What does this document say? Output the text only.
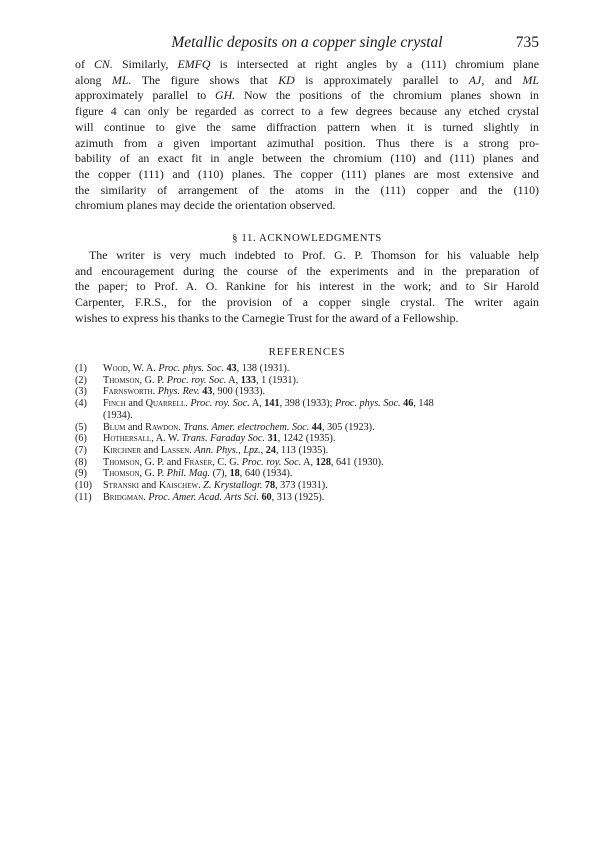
Metallic deposits on a copper single crystal	735
of CN. Similarly, EMFQ is intersected at right angles by a (111) chromium plane
along ML. The figure shows that KD is approximately parallel to AJ, and ML
approximately parallel to GH. Now the positions of the chromium planes shown in
figure 4 can only be regarded as correct to a few degrees because any etched crystal
will continue to give the same diffraction pattern when it is turned slightly in
azimuth from a given important azimuthal position. Thus there is a strong pro-
bability of an exact fit in angle between the chromium (110) and (111) planes and
the copper (111) and (110) planes. The copper (111) planes are most extensive and
the similarity of arrangement of the atoms in the (111) copper and the (110)
chromium planes may decide the orientation observed.
§ 11. ACKNOWLEDGMENTS
The writer is very much indebted to Prof. G. P. Thomson for his valuable help
and encouragement during the course of the experiments and in the preparation of
the paper; to Prof. A. O. Rankine for his interest in the work; and to Sir Harold
Carpenter, F.R.S., for the provision of a copper single crystal. The writer again
wishes to express his thanks to the Carnegie Trust for the award of a Fellowship.
REFERENCES
(1) Wood, W. A. Proc. phys. Soc. 43, 138 (1931).
(2) Thomson, G. P. Proc. roy. Soc. A, 133, 1 (1931).
(3) Farnsworth. Phys. Rev. 43, 900 (1933).
(4) Finch and Quarrell. Proc. roy. Soc. A, 141, 398 (1933); Proc. phys. Soc. 46, 148
(1934).
(5) Blum and Rawdon. Trans. Amer. electrochem. Soc. 44, 305 (1923).
(6) Hothersall, A. W. Trans. Faraday Soc. 31, 1242 (1935).
(7) Kirchner and Lassen. Ann. Phys., Lpz., 24, 113 (1935).
(8) Thomson, G. P. and Fraser, C. G. Proc. roy. Soc. A, 128, 641 (1930).
(9) Thomson, G. P. Phil. Mag. (7), 18, 640 (1934).
(10) Stranski and Kaischew. Z. Krystallogr. 78, 373 (1931).
(11) Bridgman. Proc. Amer. Acad. Arts Sci. 60, 313 (1925).
